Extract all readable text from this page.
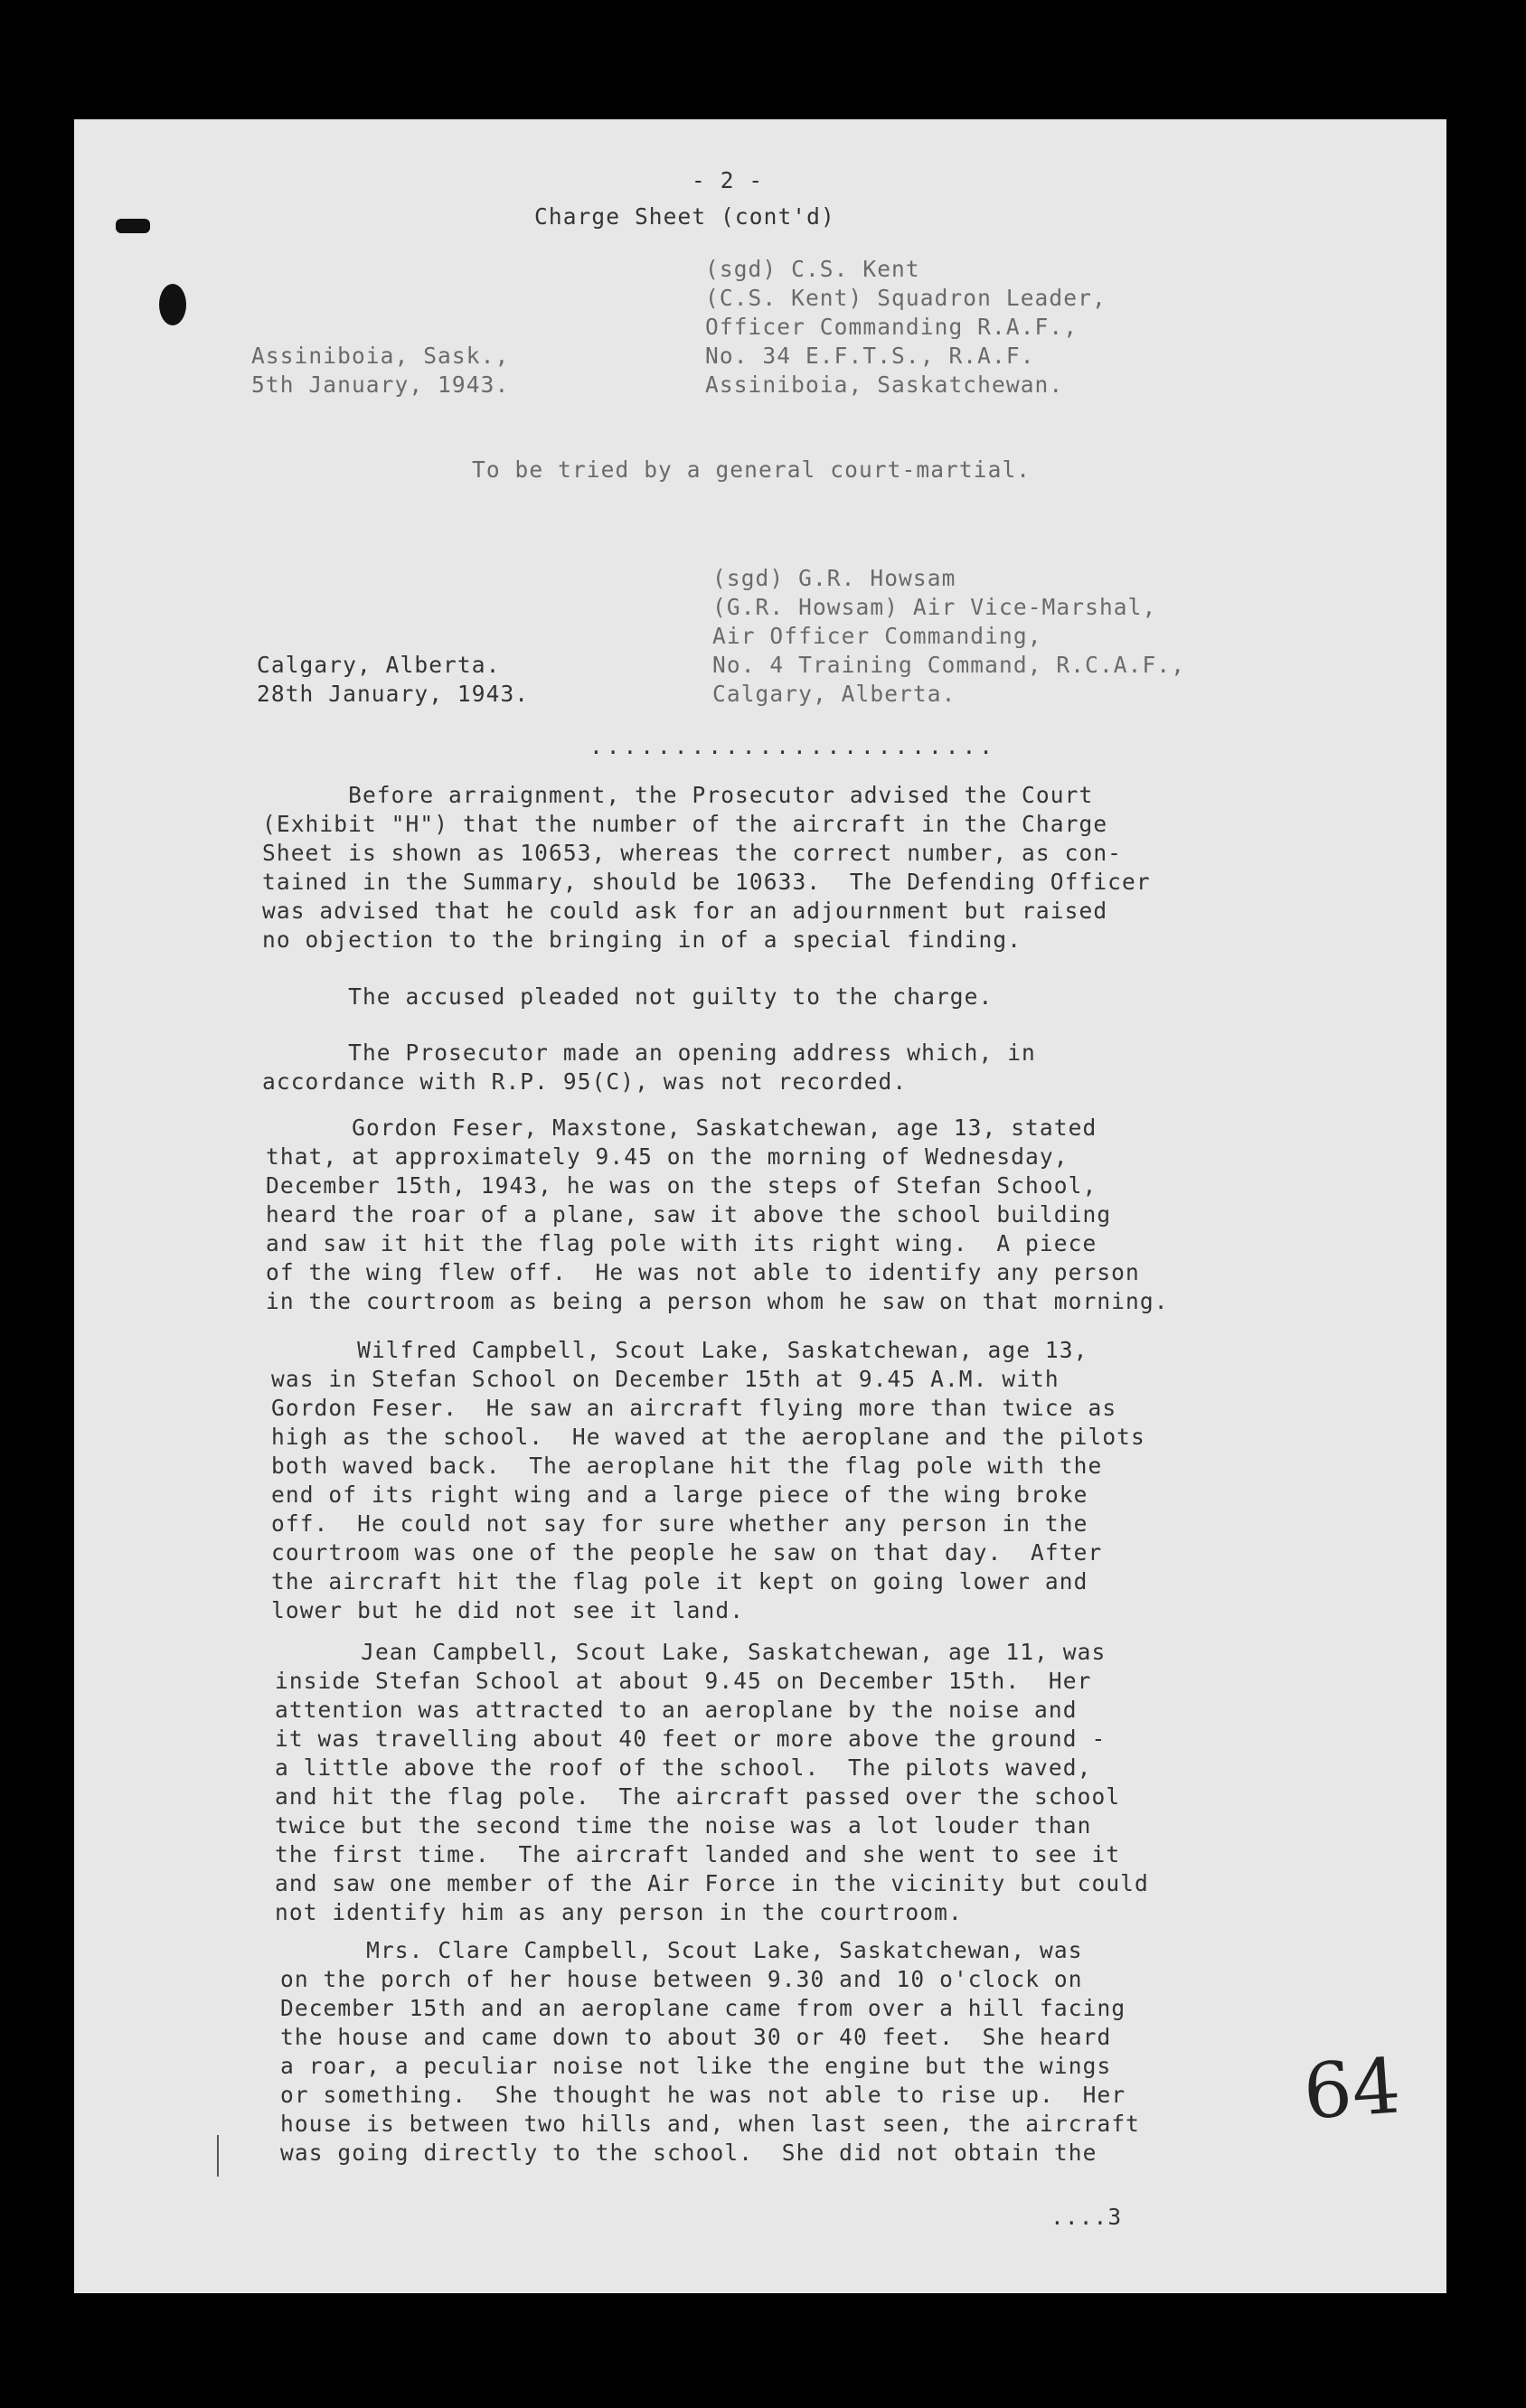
- 2 -
Charge Sheet (cont'd)
(sgd) C.S. Kent
(C.S. Kent) Squadron Leader,
Officer Commanding R.A.F.,
No. 34 E.F.T.S., R.A.F.
Assiniboia, Saskatchewan.
Assiniboia, Sask.,
5th January, 1943.
To be tried by a general court-martial.
(sgd) G.R. Howsam
(G.R. Howsam) Air Vice-Marshal,
Air Officer Commanding,
No. 4 Training Command, R.C.A.F.,
Calgary, Alberta.
Calgary, Alberta.
28th January, 1943.
........................
Before arraignment, the Prosecutor advised the Court
(Exhibit "H") that the number of the aircraft in the Charge
Sheet is shown as 10653, whereas the correct number, as con-
tained in the Summary, should be 10633.  The Defending Officer
was advised that he could ask for an adjournment but raised
no objection to the bringing in of a special finding.
The accused pleaded not guilty to the charge.
The Prosecutor made an opening address which, in
accordance with R.P. 95(C), was not recorded.
Gordon Feser, Maxstone, Saskatchewan, age 13, stated
that, at approximately 9.45 on the morning of Wednesday,
December 15th, 1943, he was on the steps of Stefan School,
heard the roar of a plane, saw it above the school building
and saw it hit the flag pole with its right wing.  A piece
of the wing flew off.  He was not able to identify any person
in the courtroom as being a person whom he saw on that morning.
Wilfred Campbell, Scout Lake, Saskatchewan, age 13,
was in Stefan School on December 15th at 9.45 A.M. with
Gordon Feser.  He saw an aircraft flying more than twice as
high as the school.  He waved at the aeroplane and the pilots
both waved back.  The aeroplane hit the flag pole with the
end of its right wing and a large piece of the wing broke
off.  He could not say for sure whether any person in the
courtroom was one of the people he saw on that day.  After
the aircraft hit the flag pole it kept on going lower and
lower but he did not see it land.
Jean Campbell, Scout Lake, Saskatchewan, age 11, was
inside Stefan School at about 9.45 on December 15th.  Her
attention was attracted to an aeroplane by the noise and
it was travelling about 40 feet or more above the ground -
a little above the roof of the school.  The pilots waved,
and hit the flag pole.  The aircraft passed over the school
twice but the second time the noise was a lot louder than
the first time.  The aircraft landed and she went to see it
and saw one member of the Air Force in the vicinity but could
not identify him as any person in the courtroom.
Mrs. Clare Campbell, Scout Lake, Saskatchewan, was
on the porch of her house between 9.30 and 10 o'clock on
December 15th and an aeroplane came from over a hill facing
the house and came down to about 30 or 40 feet.  She heard
a roar, a peculiar noise not like the engine but the wings
or something.  She thought he was not able to rise up.  Her
house is between two hills and, when last seen, the aircraft
was going directly to the school.  She did not obtain the
....3
64
